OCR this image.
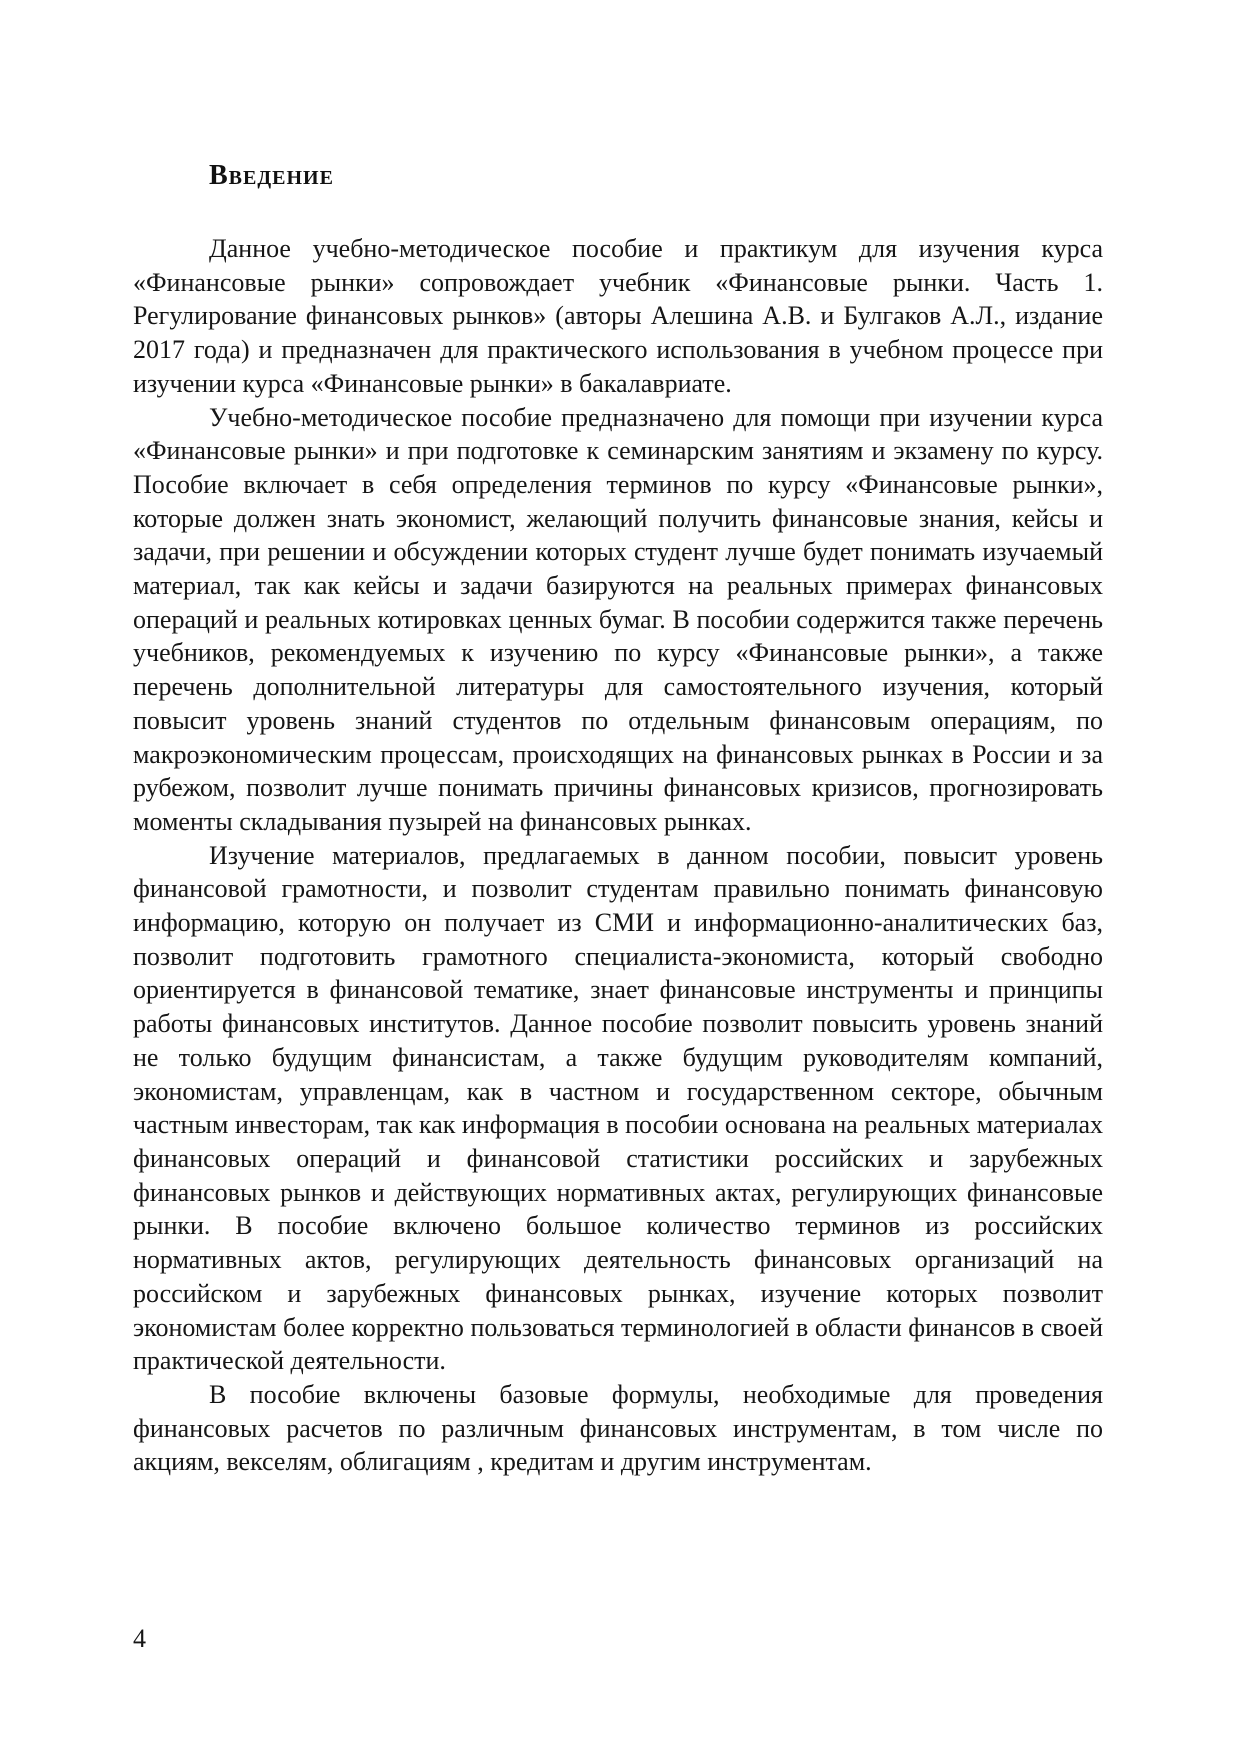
Введение

Данное учебно-методическое пособие и практикум для изучения курса «Финансовые рынки» сопровождает учебник «Финансовые рынки. Часть 1. Регулирование финансовых рынков» (авторы Алешина А.В. и Булгаков А.Л., издание 2017 года) и предназначен для практического использования в учебном процессе при изучении курса «Финансовые рынки» в бакалавриате.

Учебно-методическое пособие предназначено для помощи при изучении курса «Финансовые рынки» и при подготовке к семинарским занятиям и экзамену по курсу. Пособие включает в себя определения терминов по курсу «Финансовые рынки», которые должен знать экономист, желающий получить финансовые знания, кейсы и задачи, при решении и обсуждении которых студент лучше будет понимать изучаемый материал, так как кейсы и задачи базируются на реальных примерах финансовых операций и реальных котировках ценных бумаг. В пособии содержится также перечень учебников, рекомендуемых к изучению по курсу «Финансовые рынки», а также перечень дополнительной литературы для самостоятельного изучения, который повысит уровень знаний студентов по отдельным финансовым операциям, по макроэкономическим процессам, происходящих на финансовых рынках в России и за рубежом, позволит лучше понимать причины финансовых кризисов, прогнозировать моменты складывания пузырей на финансовых рынках.

Изучение материалов, предлагаемых в данном пособии, повысит уровень финансовой грамотности, и позволит студентам правильно понимать финансовую информацию, которую он получает из СМИ и информационно-аналитических баз, позволит подготовить грамотного специалиста-экономиста, который свободно ориентируется в финансовой тематике, знает финансовые инструменты и принципы работы финансовых институтов. Данное пособие позволит повысить уровень знаний не только будущим финансистам, а также будущим руководителям компаний, экономистам, управленцам, как в частном и государственном секторе, обычным частным инвесторам, так как информация в пособии основана на реальных материалах финансовых операций и финансовой статистики российских и зарубежных финансовых рынков и действующих нормативных актах, регулирующих финансовые рынки. В пособие включено большое количество терминов из российских нормативных актов, регулирующих деятельность финансовых организаций на российском и зарубежных финансовых рынках, изучение которых позволит экономистам более корректно пользоваться терминологией в области финансов в своей практической деятельности.

В пособие включены базовые формулы, необходимые для проведения финансовых расчетов по различным финансовых инструментам, в том числе по акциям, векселям, облигациям , кредитам и другим инструментам.

4
